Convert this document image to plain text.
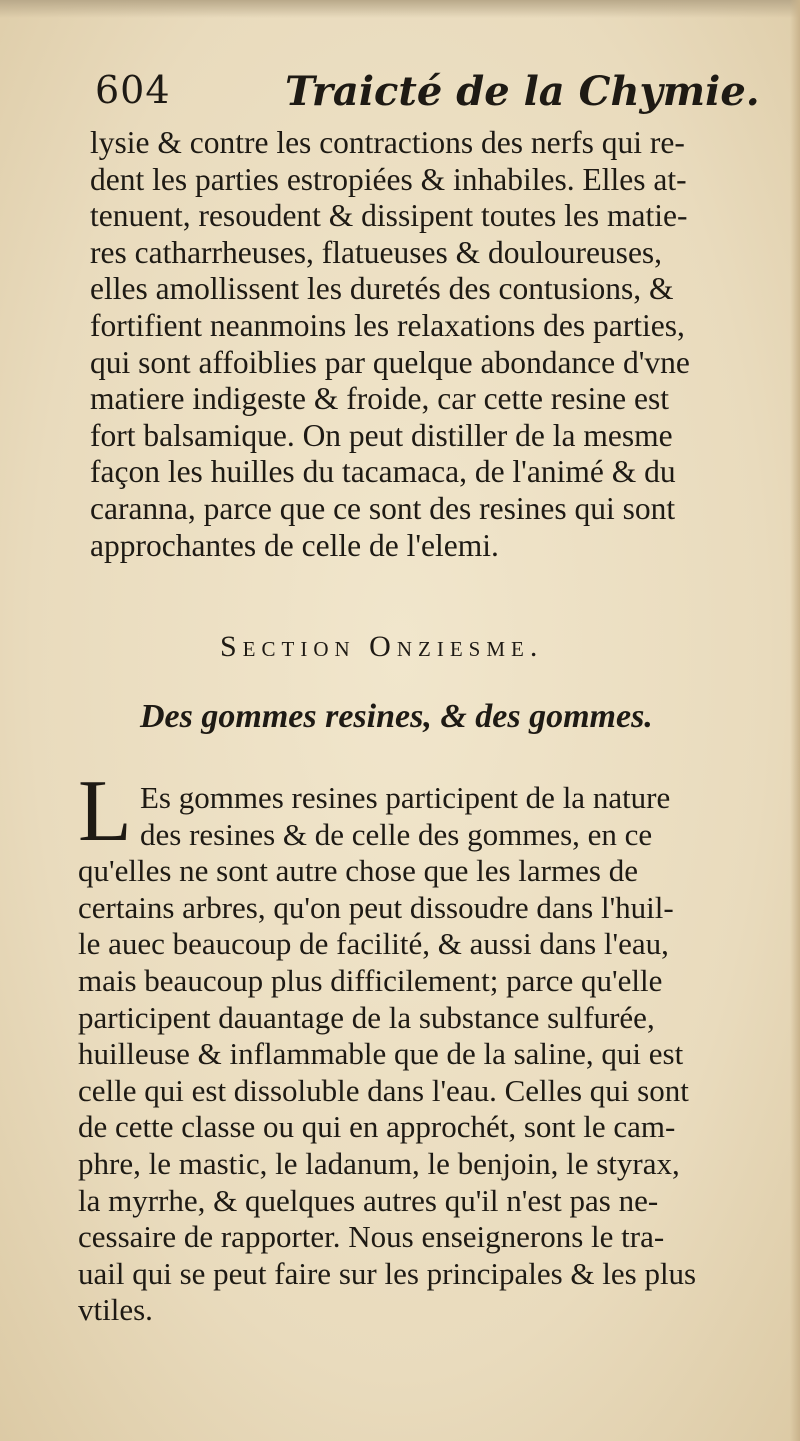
604	Traicté de la Chymie.
lysie & contre les contractions des nerfs qui re-
dent les parties estropiées & inhabiles. Elles at-
tenuent, resoudent & dissipent toutes les matie-
res catharrheuses, flatueuses & douloureuses,
elles amollissent les duretés des contusions, &
fortifient neanmoins les relaxations des parties,
qui sont affoiblies par quelque abondance d'vne
matiere indigeste & froide, car cette resine est
fort balsamique. On peut distiller de la mesme
façon les huilles du tacamaca, de l'animé & du
caranna, parce que ce sont des resines qui sont
approchantes de celle de l'elemi.
Section Onziesme.
Des gommes resines, & des gommes.
L Es gommes resines participent de la nature
des resines & de celle des gommes, en ce
qu'elles ne sont autre chose que les larmes de
certains arbres, qu'on peut dissoudre dans l'huil-
le auec beaucoup de facilité, & aussi dans l'eau,
mais beaucoup plus difficilement; parce qu'elle
participent dauantage de la substance sulfurée,
huilleuse & inflammable que de la saline, qui est
celle qui est dissoluble dans l'eau. Celles qui sont
de cette classe ou qui en approchét, sont le cam-
phre, le mastic, le ladanum, le benjoin, le styrax,
la myrrhe, & quelques autres qu'il n'est pas ne-
cessaire de rapporter. Nous enseignerons le tra-
uail qui se peut faire sur les principales & les plus
vtiles.
